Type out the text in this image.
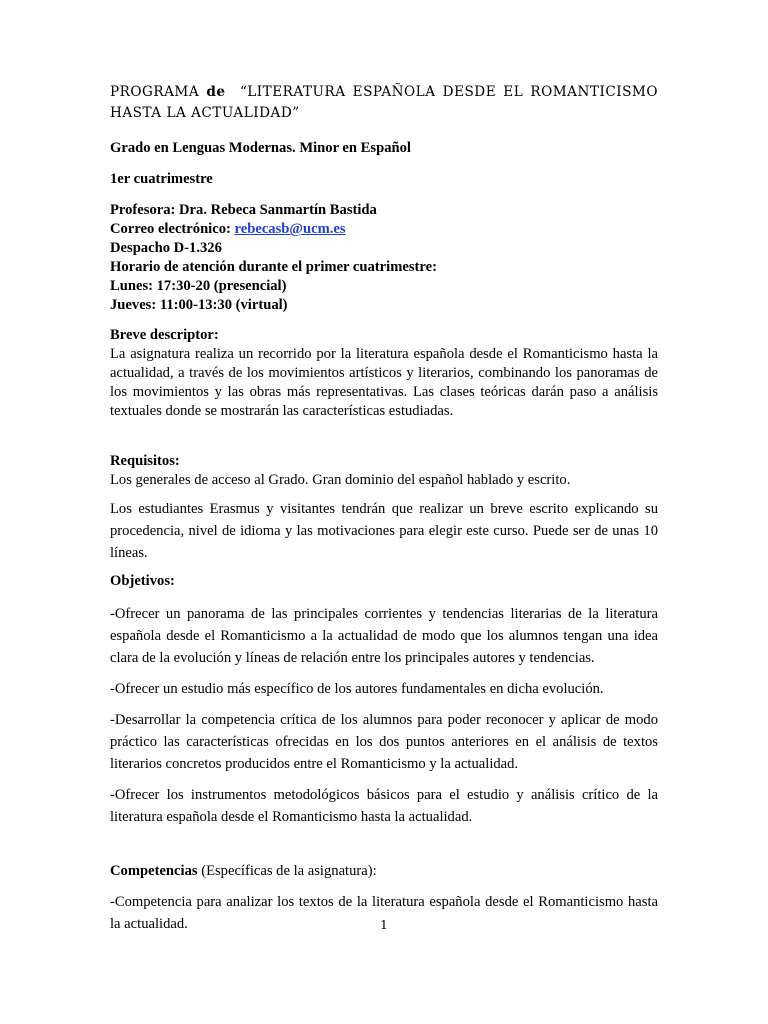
PROGRAMA de “LITERATURA ESPAÑOLA DESDE EL ROMANTICISMO HASTA LA ACTUALIDAD”

Grado en Lenguas Modernas. Minor en Español

1er cuatrimestre

Profesora: Dra. Rebeca Sanmartín Bastida

Correo electrónico: rebecasb@ucm.es

Despacho D-1.326

Horario de atención durante el primer cuatrimestre:

Lunes: 17:30-20 (presencial)

Jueves: 11:00-13:30 (virtual)

Breve descriptor:

La asignatura realiza un recorrido por la literatura española desde el Romanticismo hasta la actualidad, a través de los movimientos artísticos y literarios, combinando los panoramas de los movimientos y las obras más representativas. Las clases teóricas darán paso a análisis textuales donde se mostrarán las características estudiadas.

Requisitos:

Los generales de acceso al Grado. Gran dominio del español hablado y escrito.

Los estudiantes Erasmus y visitantes tendrán que realizar un breve escrito explicando su procedencia, nivel de idioma y las motivaciones para elegir este curso. Puede ser de unas 10 líneas.

Objetivos:

-Ofrecer un panorama de las principales corrientes y tendencias literarias de la literatura española desde el Romanticismo a la actualidad de modo que los alumnos tengan una idea clara de la evolución y líneas de relación entre los principales autores y tendencias.

-Ofrecer un estudio más específico de los autores fundamentales en dicha evolución.

-Desarrollar la competencia crítica de los alumnos para poder reconocer y aplicar de modo práctico las características ofrecidas en los dos puntos anteriores en el análisis de textos literarios concretos producidos entre el Romanticismo y la actualidad.

-Ofrecer los instrumentos metodológicos básicos para el estudio y análisis crítico de la literatura española desde el Romanticismo hasta la actualidad.

Competencias (Específicas de la asignatura):

-Competencia para analizar los textos de la literatura española desde el Romanticismo hasta la actualidad.	1
